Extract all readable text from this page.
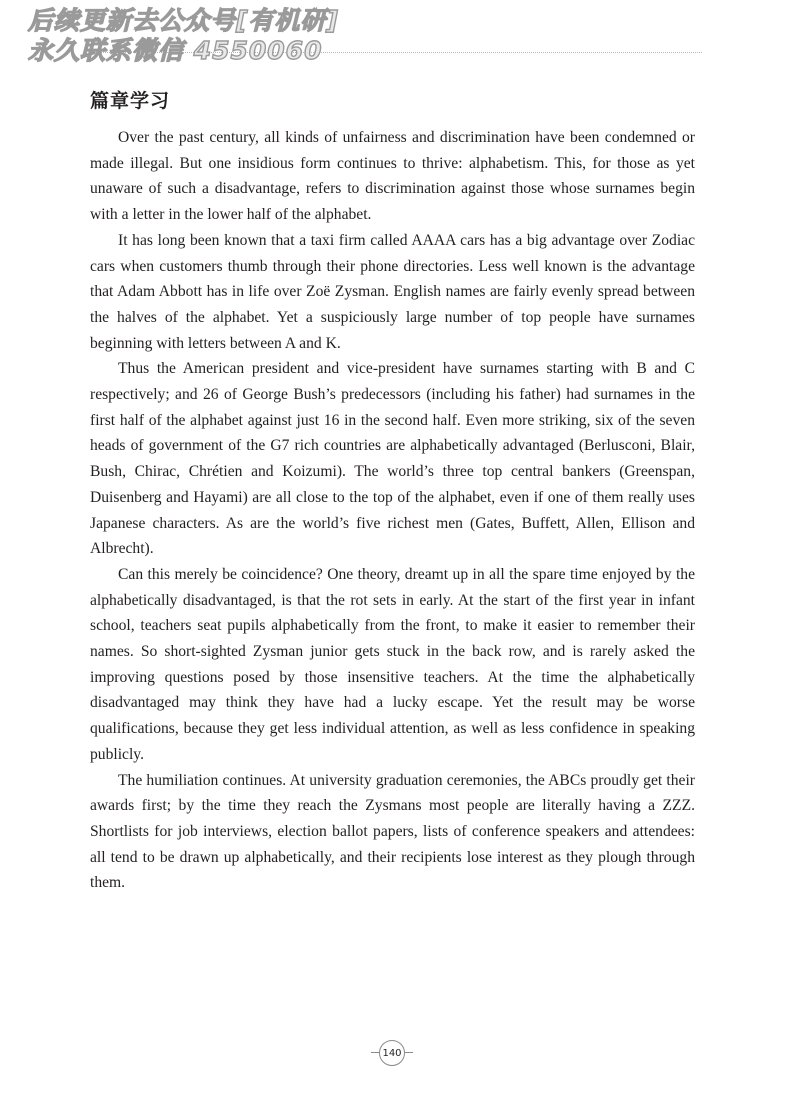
后续更新去公众号[有机研]
永久联系微信 4550060
篇章学习

Over the past century, all kinds of unfairness and discrimination have been condemned or made illegal. But one insidious form continues to thrive: alphabetism. This, for those as yet unaware of such a disadvantage, refers to discrimination against those whose surnames begin with a letter in the lower half of the alphabet.

It has long been known that a taxi firm called AAAA cars has a big advantage over Zodiac cars when customers thumb through their phone directories. Less well known is the advantage that Adam Abbott has in life over Zoë Zysman. English names are fairly evenly spread between the halves of the alphabet. Yet a suspiciously large number of top people have surnames beginning with letters between A and K.

Thus the American president and vice-president have surnames starting with B and C respectively; and 26 of George Bush’s predecessors (including his father) had surnames in the first half of the alphabet against just 16 in the second half. Even more striking, six of the seven heads of government of the G7 rich countries are alphabetically advantaged (Berlusconi, Blair, Bush, Chirac, Chrétien and Koizumi). The world’s three top central bankers (Greenspan, Duisenberg and Hayami) are all close to the top of the alphabet, even if one of them really uses Japanese characters. As are the world’s five richest men (Gates, Buffett, Allen, Ellison and Albrecht).

Can this merely be coincidence? One theory, dreamt up in all the spare time enjoyed by the alphabetically disadvantaged, is that the rot sets in early. At the start of the first year in infant school, teachers seat pupils alphabetically from the front, to make it easier to remember their names. So short-sighted Zysman junior gets stuck in the back row, and is rarely asked the improving questions posed by those insensitive teachers. At the time the alphabetically disadvantaged may think they have had a lucky escape. Yet the result may be worse qualifications, because they get less individual attention, as well as less confidence in speaking publicly.

The humiliation continues. At university graduation ceremonies, the ABCs proudly get their awards first; by the time they reach the Zysmans most people are literally having a ZZZ. Shortlists for job interviews, election ballot papers, lists of conference speakers and attendees: all tend to be drawn up alphabetically, and their recipients lose interest as they plough through them.

140
